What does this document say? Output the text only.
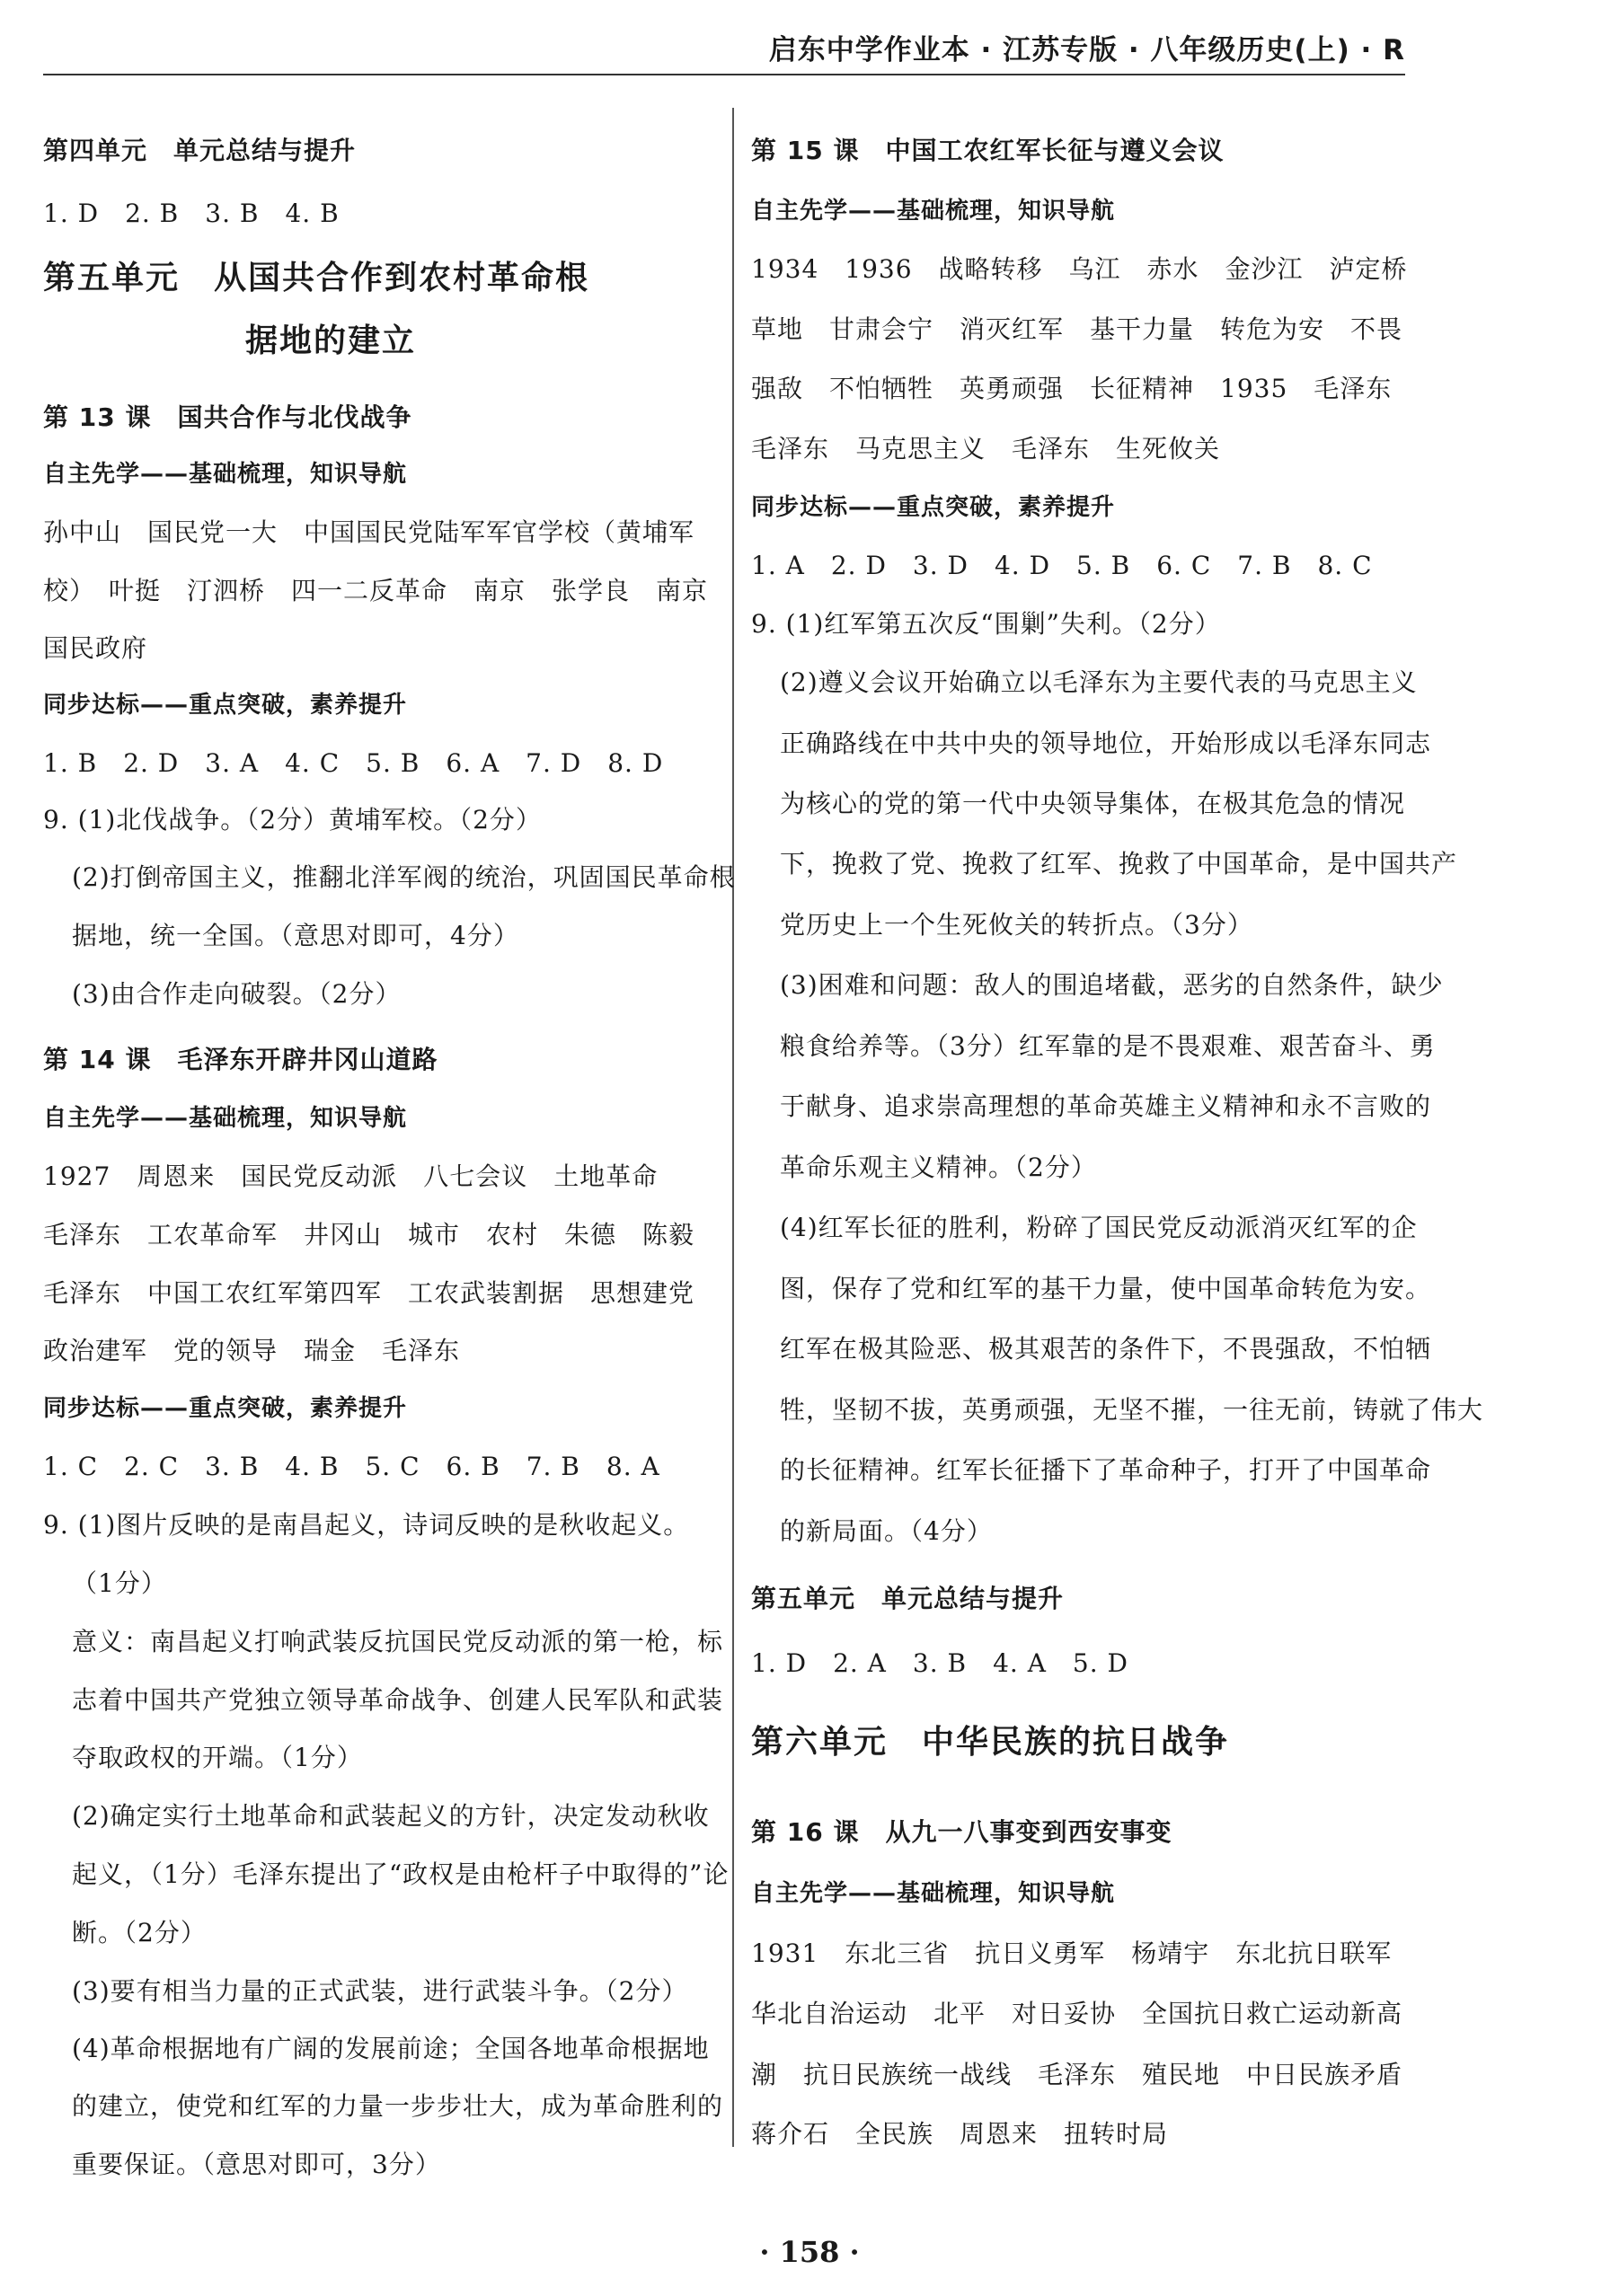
启东中学作业本 · 江苏专版 · 八年级历史(上) · R
第四单元　单元总结与提升
1. D　2. B　3. B　4. B
第五单元　从国共合作到农村革命根
据地的建立
第 13 课　国共合作与北伐战争
自主先学——基础梳理，知识导航
孙中山　国民党一大　中国国民党陆军军官学校（黄埔军
校）　叶挺　汀泗桥　四一二反革命　南京　张学良　南京
国民政府
同步达标——重点突破，素养提升
1. B　2. D　3. A　4. C　5. B　6. A　7. D　8. D
9. (1)北伐战争。（2分）黄埔军校。（2分）
(2)打倒帝国主义，推翻北洋军阀的统治，巩固国民革命根
据地，统一全国。（意思对即可，4分）
(3)由合作走向破裂。（2分）
第 14 课　毛泽东开辟井冈山道路
自主先学——基础梳理，知识导航
1927　周恩来　国民党反动派　八七会议　土地革命
毛泽东　工农革命军　井冈山　城市　农村　朱德　陈毅
毛泽东　中国工农红军第四军　工农武装割据　思想建党
政治建军　党的领导　瑞金　毛泽东
同步达标——重点突破，素养提升
1. C　2. C　3. B　4. B　5. C　6. B　7. B　8. A
9. (1)图片反映的是南昌起义，诗词反映的是秋收起义。
（1分）
意义：南昌起义打响武装反抗国民党反动派的第一枪，标
志着中国共产党独立领导革命战争、创建人民军队和武装
夺取政权的开端。（1分）
(2)确定实行土地革命和武装起义的方针，决定发动秋收
起义，（1分）毛泽东提出了“政权是由枪杆子中取得的”论
断。（2分）
(3)要有相当力量的正式武装，进行武装斗争。（2分）
(4)革命根据地有广阔的发展前途；全国各地革命根据地
的建立，使党和红军的力量一步步壮大，成为革命胜利的
重要保证。（意思对即可，3分）
第 15 课　中国工农红军长征与遵义会议
自主先学——基础梳理，知识导航
1934　1936　战略转移　乌江　赤水　金沙江　泸定桥
草地　甘肃会宁　消灭红军　基干力量　转危为安　不畏
强敌　不怕牺牲　英勇顽强　长征精神　1935　毛泽东
毛泽东　马克思主义　毛泽东　生死攸关
同步达标——重点突破，素养提升
1. A　2. D　3. D　4. D　5. B　6. C　7. B　8. C
9. (1)红军第五次反“围剿”失利。（2分）
(2)遵义会议开始确立以毛泽东为主要代表的马克思主义
正确路线在中共中央的领导地位，开始形成以毛泽东同志
为核心的党的第一代中央领导集体，在极其危急的情况
下，挽救了党、挽救了红军、挽救了中国革命，是中国共产
党历史上一个生死攸关的转折点。（3分）
(3)困难和问题：敌人的围追堵截，恶劣的自然条件，缺少
粮食给养等。（3分）红军靠的是不畏艰难、艰苦奋斗、勇
于献身、追求崇高理想的革命英雄主义精神和永不言败的
革命乐观主义精神。（2分）
(4)红军长征的胜利，粉碎了国民党反动派消灭红军的企
图，保存了党和红军的基干力量，使中国革命转危为安。
红军在极其险恶、极其艰苦的条件下，不畏强敌，不怕牺
牲，坚韧不拔，英勇顽强，无坚不摧，一往无前，铸就了伟大
的长征精神。红军长征播下了革命种子，打开了中国革命
的新局面。（4分）
第五单元　单元总结与提升
1. D　2. A　3. B　4. A　5. D
第六单元　中华民族的抗日战争
第 16 课　从九一八事变到西安事变
自主先学——基础梳理，知识导航
1931　东北三省　抗日义勇军　杨靖宇　东北抗日联军
华北自治运动　北平　对日妥协　全国抗日救亡运动新高
潮　抗日民族统一战线　毛泽东　殖民地　中日民族矛盾
蒋介石　全民族　周恩来　扭转时局
· 158 ·
